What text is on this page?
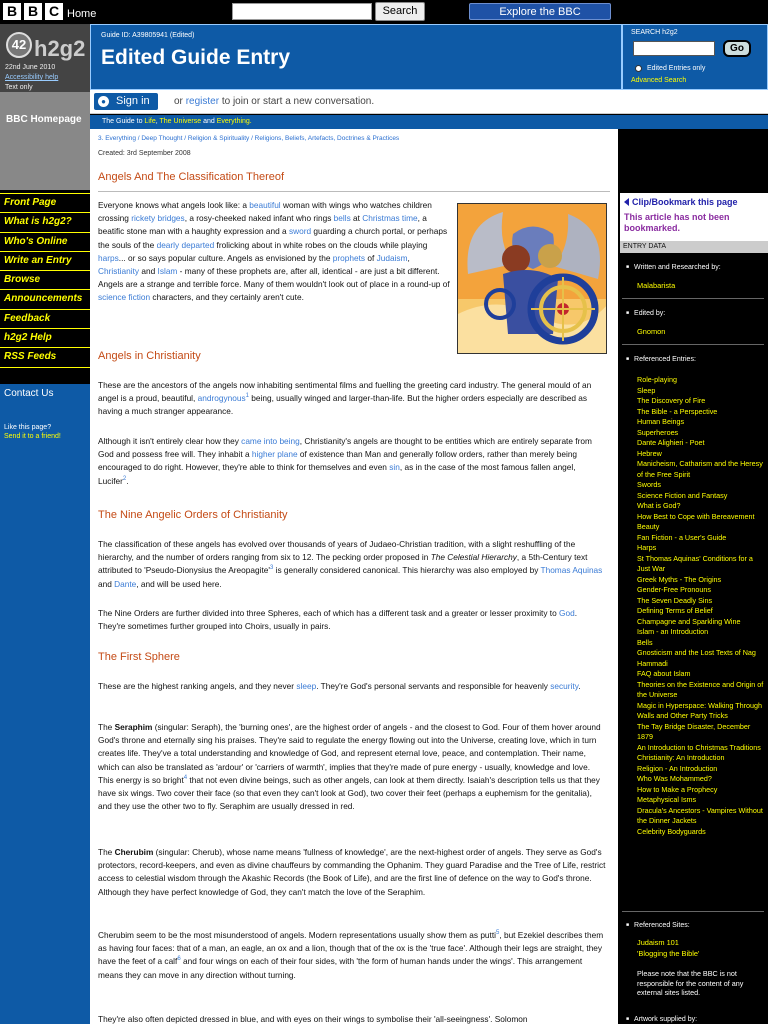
B B C Home	Search	Explore the BBC
42 h2g2
22nd June 2010
Accessibility help
Text only
BBC Homepage
Front Page
What is h2g2?
Who's Online
Write an Entry
Browse
Announcements
Feedback
h2g2 Help
RSS Feeds
Contact Us
Like this page?
Send it to a friend!
Guide ID: A39805941 (Edited)
Edited Guide Entry
SEARCH h2g2
Go
Edited Entries only
Advanced Search
● Sign in	or register to join or start a new conversation.
The Guide to Life, The Universe and Everything.
3. Everything / Deep Thought / Religion & Spirituality / Religions, Beliefs, Artefacts, Doctrines & Practices
Created: 3rd September 2008
Angels And The Classification Thereof
Everyone knows what angels look like: a beautiful woman with wings who watches children crossing rickety bridges, a rosy-cheeked naked infant who rings bells at Christmas time, a beatific stone man with a haughty expression and a sword guarding a church portal, or perhaps the souls of the dearly departed frolicking about in white robes on the clouds while playing harps... or so says popular culture. Angels as envisioned by the prophets of Judaism, Christianity and Islam - many of these prophets are, after all, identical - are just a bit different. Angels are a strange and terrible force. Many of them wouldn't look out of place in a round-up of science fiction characters, and they certainly aren't cute.
Angels in Christianity
These are the ancestors of the angels now inhabiting sentimental films and fuelling the greeting card industry. The general mould of an angel is a proud, beautiful, androgynous$^1$ being, usually winged and larger-than-life. But the higher orders especially are described as having a much stranger appearance.
Although it isn't entirely clear how they came into being, Christianity's angels are thought to be entities which are entirely separate from God and possess free will. They inhabit a higher plane of existence than Man and generally follow orders, rather than merely being encouraged to do right. However, they're able to think for themselves and even sin, as in the case of the most famous fallen angel, Lucifer$^2$.
The Nine Angelic Orders of Christianity
The classification of these angels has evolved over thousands of years of Judaeo-Christian tradition, with a slight reshuffling of the hierarchy, and the number of orders ranging from six to 12. The pecking order proposed in The Celestial Hierarchy, a 5th-Century text attributed to 'Pseudo-Dionysius the $Areopagite'^3$ is generally considered canonical. This hierarchy was also employed by Thomas Aquinas and Dante, and will be used here.
The Nine Orders are further divided into three Spheres, each of which has a different task and a greater or lesser proximity to God. They're sometimes further grouped into Choirs, usually in pairs.
The First Sphere
These are the highest ranking angels, and they never sleep. They're God's personal servants and responsible for heavenly security.
The Seraphim (singular: Seraph), the 'burning ones', are the highest order of angels - and the closest to God. Four of them hover around God's throne and eternally sing his praises. They're said to regulate the energy flowing out into the Universe, creating love, which in turn creates life. They've a total understanding and knowledge of God, and represent eternal love, peace, and contemplation. Their name, which can also be translated as 'ardour' or 'carriers of warmth', implies that they're made of pure energy - usually, knowledge and love. This energy is so bright$^4$ that not even divine beings, such as other angels, can look at them directly. Isaiah's description tells us that they have six wings. Two cover their face (so that even they can't look at God), two cover their feet (perhaps a euphemism for the genitalia), and they use the other two to fly. Seraphim are usually dressed in red.
The Cherubim (singular: Cherub), whose name means 'fullness of knowledge', are the next-highest order of angels. They serve as God's protectors, record-keepers, and even as divine chauffeurs by commanding the Ophanim. They guard Paradise and the Tree of Life, restrict access to celestial wisdom through the Akashic Records (the Book of Life), and are the first line of defence on the way to God's throne. Although they have perfect knowledge of God, they can't match the love of the Seraphim.
Cherubim seem to be the most misunderstood of angels. Modern representations usually show them as putti$^5$, but Ezekiel describes them as having four faces: that of a man, an eagle, an ox and a lion, though that of the ox is the 'true face'. Although their legs are straight, they have the feet of a calf$^6$ and four wings on each of their four sides, with 'the form of human hands under the wings'. This arrangement means they can move in any direction without turning.
They're also often depicted dressed in blue, and with eyes on their wings to symbolise their 'all-seeingness'. Solomon
Clip/Bookmark this page
This article has not been bookmarked.
ENTRY DATA
■ Written and Researched by:
Malabarista
■ Edited by:
Gnomon
■ Referenced Entries:
Role-playing
Sleep
The Discovery of Fire
The Bible - a Perspective
Human Beings
Superheroes
Dante Alighieri - Poet
Hebrew
Manicheism, Catharism and the Heresy of the Free Spirit
Swords
Science Fiction and Fantasy
What is God?
How Best to Cope with Bereavement
Beauty
Fan Fiction - a User's Guide
Harps
St Thomas Aquinas' Conditions for a Just War
Greek Myths - The Origins
Gender-Free Pronouns
The Seven Deadly Sins
Defining Terms of Belief
Champagne and Sparkling Wine
Islam - an Introduction
Bells
Gnosticism and the Lost Texts of Nag Hammadi
FAQ about Islam
Theories on the Existence and Origin of the Universe
Magic in Hyperspace: Walking Through Walls and Other Party Tricks
The Tay Bridge Disaster, December 1879
An Introduction to Christmas Traditions
Christianity: An Introduction
Religion - An Introduction
Who Was Mohammed?
How to Make a Prophecy
Metaphysical Isms
Dracula's Ancestors - Vampires Without the Dinner Jackets
Celebrity Bodyguards
■ Referenced Sites:
Judaism 101
'Blogging the Bible'
Please note that the BBC is not responsible for the content of any external sites listed.
■ Artwork supplied by:
